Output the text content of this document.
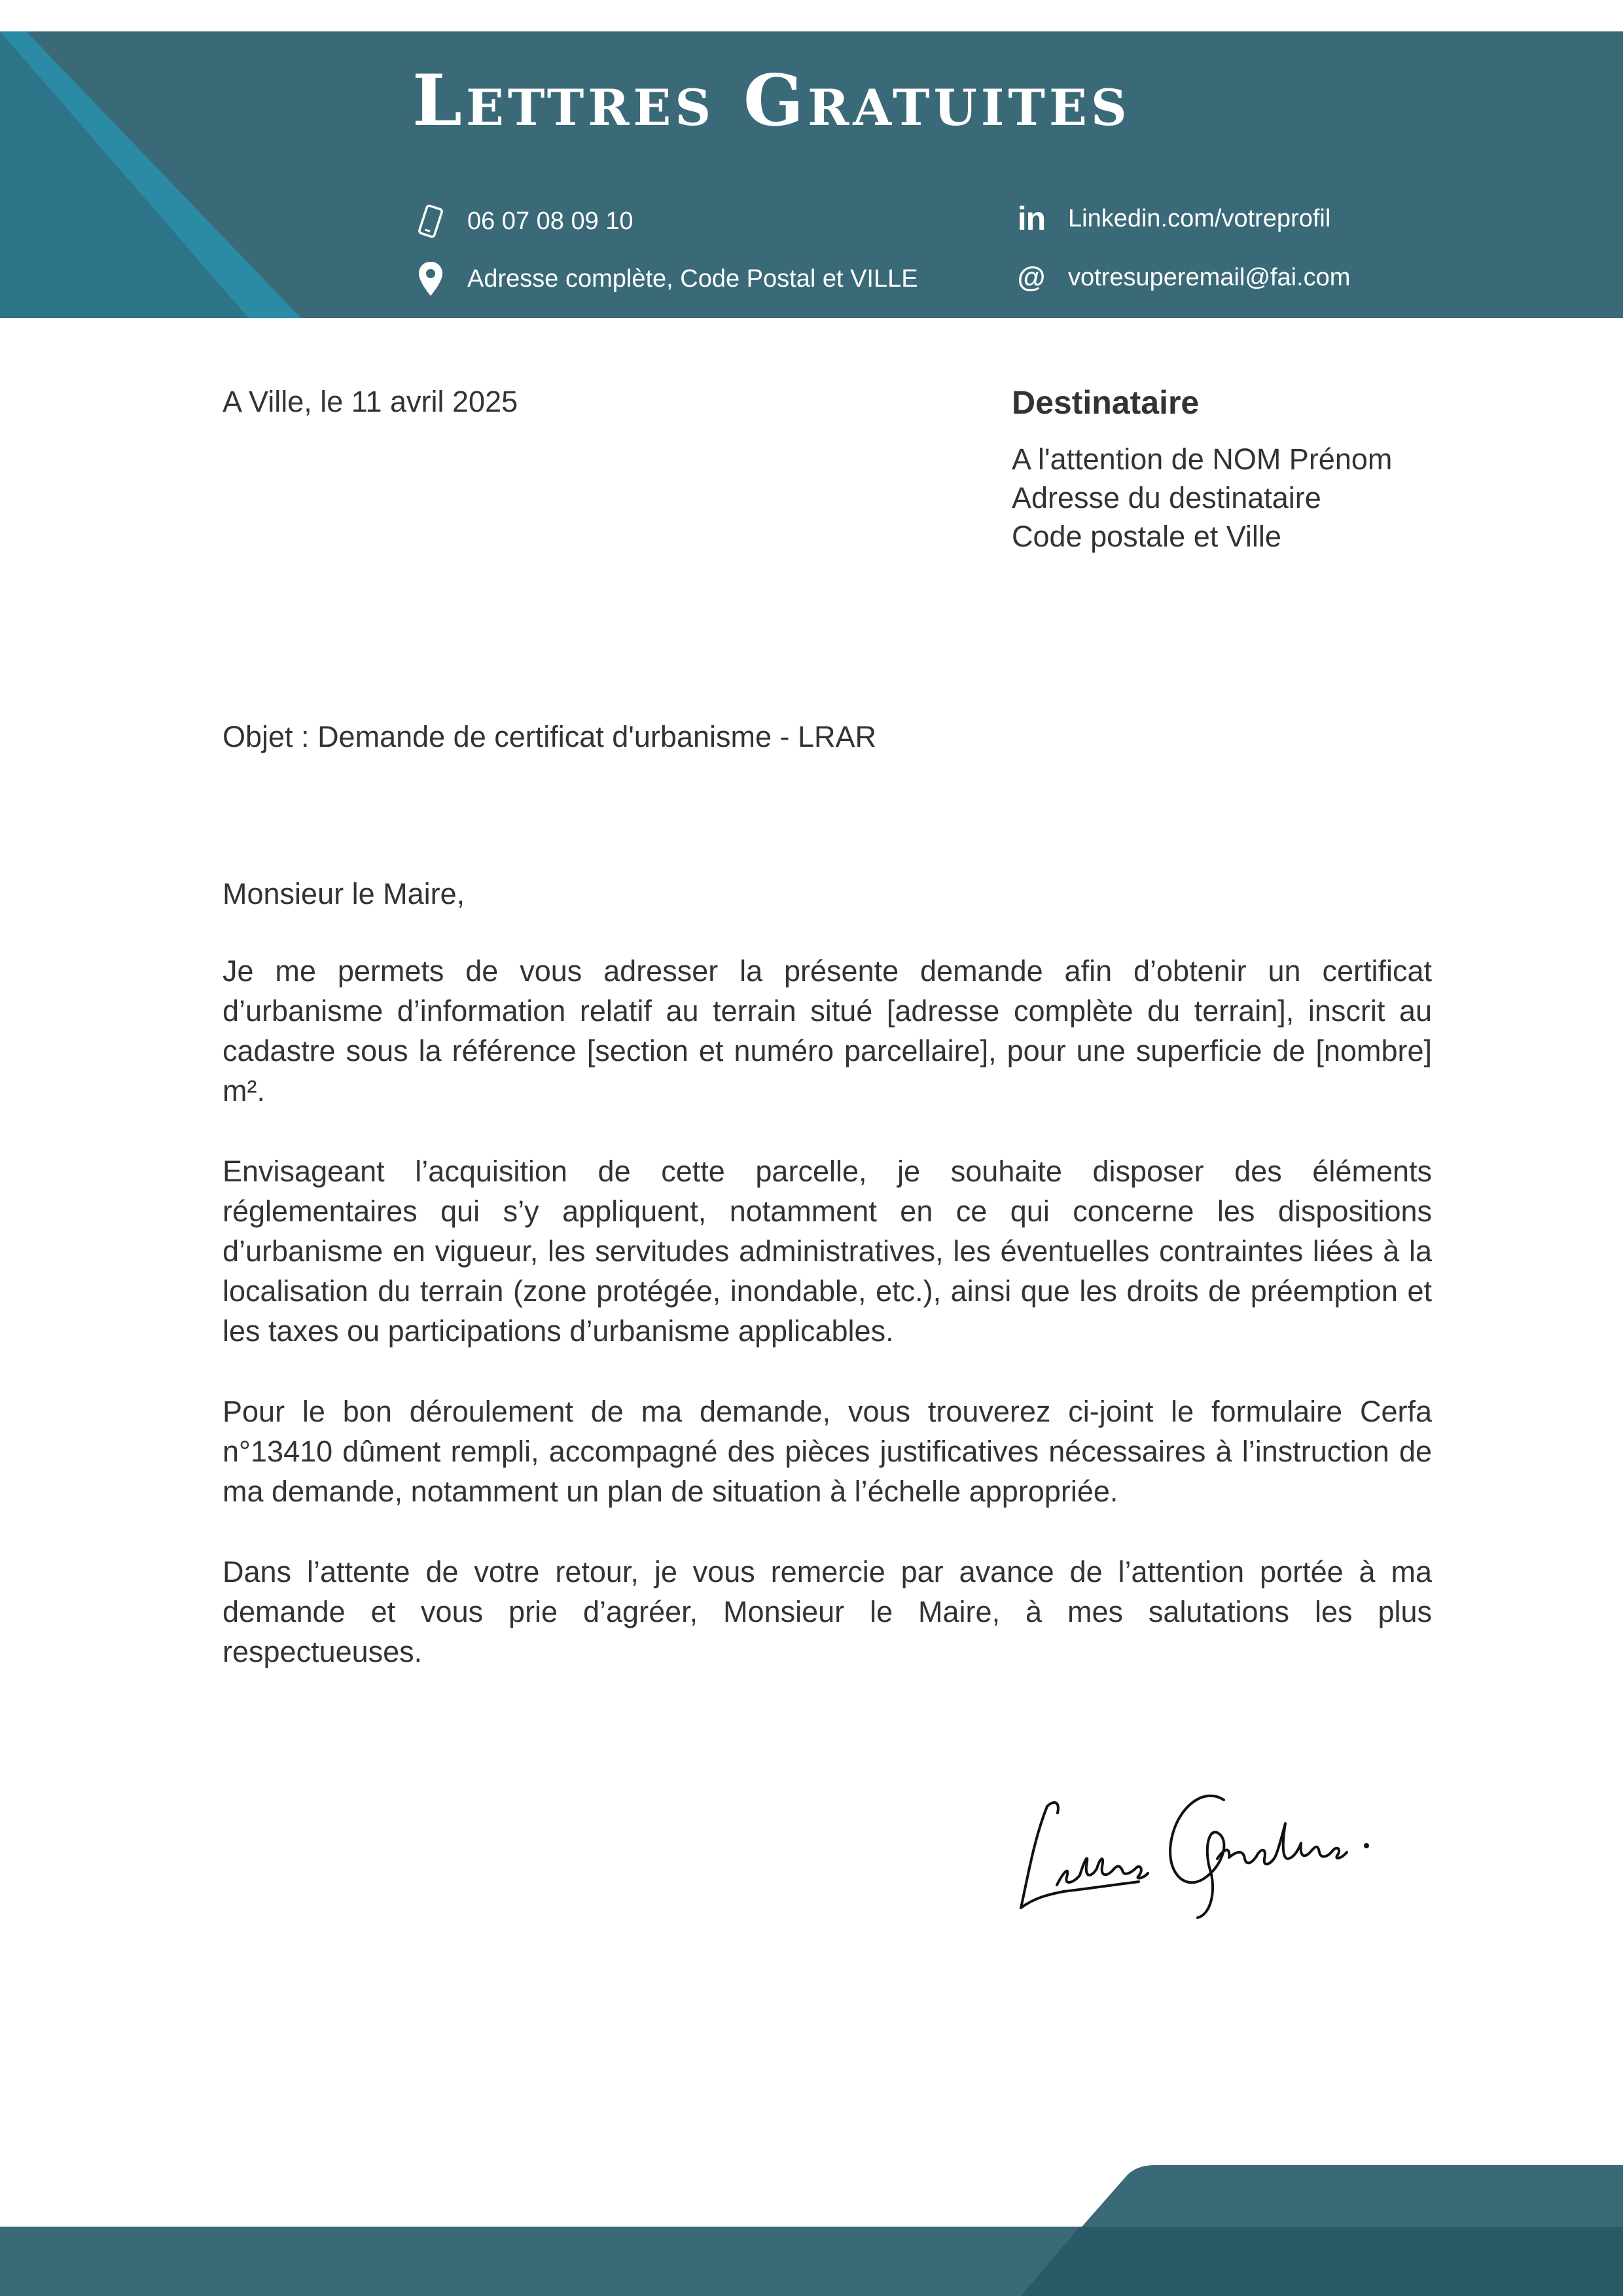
Lettres Gratuites
06 07 08 09 10
Adresse complète, Code Postal et VILLE
in Linkedin.com/votreprofil
@ votresuperemail@fai.com
A Ville, le 11 avril 2025	Destinataire
A l'attention de NOM Prénom
Adresse du destinataire
Code postale et Ville
Objet : Demande de certificat d'urbanisme - LRAR
Monsieur le Maire,

Je me permets de vous adresser la présente demande afin d’obtenir un certificat d’urbanisme d’information relatif au terrain situé [adresse complète du terrain], inscrit au cadastre sous la référence [section et numéro parcellaire], pour une superficie de [nombre] m².

Envisageant l’acquisition de cette parcelle, je souhaite disposer des éléments réglementaires qui s’y appliquent, notamment en ce qui concerne les dispositions d’urbanisme en vigueur, les servitudes administratives, les éventuelles contraintes liées à la localisation du terrain (zone protégée, inondable, etc.), ainsi que les droits de préemption et les taxes ou participations d’urbanisme applicables.

Pour le bon déroulement de ma demande, vous trouverez ci-joint le formulaire Cerfa n°13410 dûment rempli, accompagné des pièces justificatives nécessaires à l’instruction de ma demande, notamment un plan de situation à l’échelle appropriée.

Dans l’attente de votre retour, je vous remercie par avance de l’attention portée à ma demande et vous prie d’agréer, Monsieur le Maire, à mes salutations les plus respectueuses.
